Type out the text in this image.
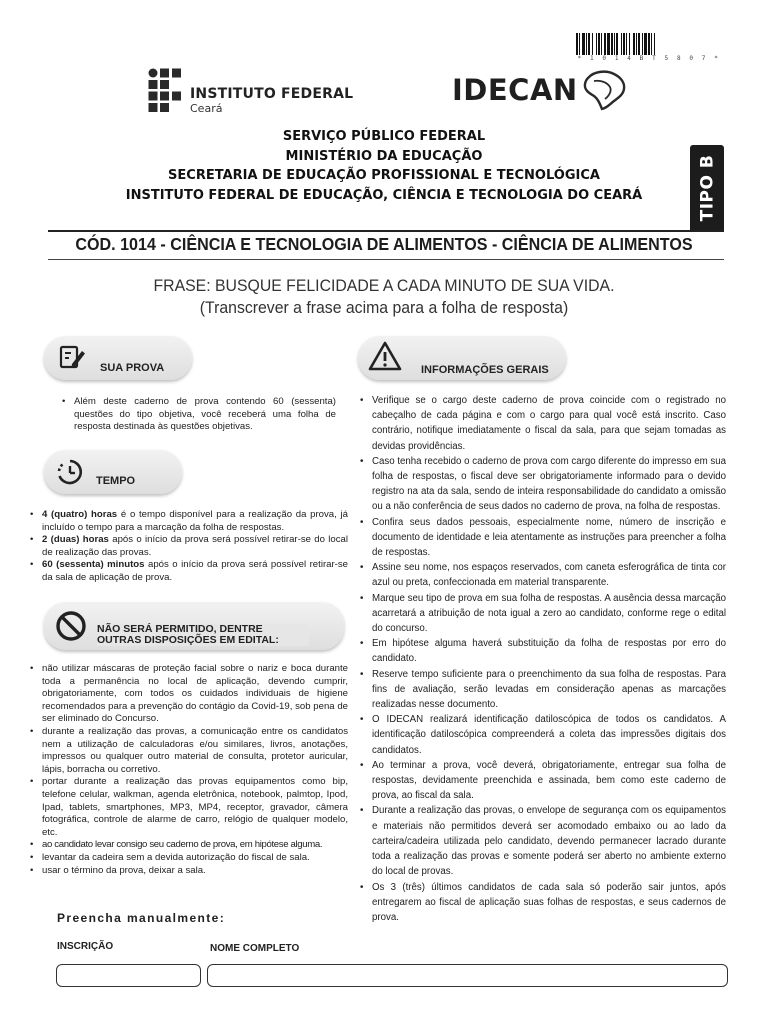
* 1 0 1 4 B T 5 8 0 7 *
INSTITUTO FEDERAL
Ceará
IDECAN
SERVIÇO PÚBLICO FEDERAL
MINISTÉRIO DA EDUCAÇÃO
SECRETARIA DE EDUCAÇÃO PROFISSIONAL E TECNOLÓGICA
INSTITUTO FEDERAL DE EDUCAÇÃO, CIÊNCIA E TECNOLOGIA DO CEARÁ	TIPO B
CÓD. 1014 - CIÊNCIA E TECNOLOGIA DE ALIMENTOS - CIÊNCIA DE ALIMENTOS
FRASE: BUSQUE FELICIDADE A CADA MINUTO DE SUA VIDA.
(Transcrever a frase acima para a folha de resposta)
SUA PROVA
• Além deste caderno de prova contendo 60 (sessenta) questões do tipo objetiva, você receberá uma folha de resposta destinada às questões objetivas.
TEMPO
• 4 (quatro) horas é o tempo disponível para a realização da prova, já incluído o tempo para a marcação da folha de respostas.
• 2 (duas) horas após o início da prova será possível retirar-se do local de realização das provas.
• 60 (sessenta) minutos após o início da prova será possível retirar-se da sala de aplicação de prova.
NÃO SERÁ PERMITIDO, DENTRE
OUTRAS DISPOSIÇÕES EM EDITAL:
• não utilizar máscaras de proteção facial sobre o nariz e boca durante toda a permanência no local de aplicação, devendo cumprir, obrigatoriamente, com todos os cuidados individuais de higiene recomendados para a prevenção do contágio da Covid-19, sob pena de ser eliminado do Concurso.
• durante a realização das provas, a comunicação entre os candidatos nem a utilização de calculadoras e/ou similares, livros, anotações, impressos ou qualquer outro material de consulta, protetor auricular, lápis, borracha ou corretivo.
• portar durante a realização das provas equipamentos como bip, telefone celular, walkman, agenda eletrônica, notebook, palmtop, Ipod, Ipad, tablets, smartphones, MP3, MP4, receptor, gravador, câmera fotográfica, controle de alarme de carro, relógio de qualquer modelo, etc.
• ao candidato levar consigo seu caderno de prova, em hipótese alguma.
• levantar da cadeira sem a devida autorização do fiscal de sala.
• usar o término da prova, deixar a sala.
INFORMAÇÕES GERAIS
• Verifique se o cargo deste caderno de prova coincide com o registrado no cabeçalho de cada página e com o cargo para qual você está inscrito. Caso contrário, notifique imediatamente o fiscal da sala, para que sejam tomadas as devidas providências.
• Caso tenha recebido o caderno de prova com cargo diferente do impresso em sua folha de respostas, o fiscal deve ser obrigatoriamente informado para o devido registro na ata da sala, sendo de inteira responsabilidade do candidato a omissão ou a não conferência de seus dados no caderno de prova, na folha de respostas.
• Confira seus dados pessoais, especialmente nome, número de inscrição e documento de identidade e leia atentamente as instruções para preencher a folha de respostas.
• Assine seu nome, nos espaços reservados, com caneta esferográfica de tinta cor azul ou preta, confeccionada em material transparente.
• Marque seu tipo de prova em sua folha de respostas. A ausência dessa marcação acarretará a atribuição de nota igual a zero ao candidato, conforme rege o edital do concurso.
• Em hipótese alguma haverá substituição da folha de respostas por erro do candidato.
• Reserve tempo suficiente para o preenchimento da sua folha de respostas. Para fins de avaliação, serão levadas em consideração apenas as marcações realizadas nesse documento.
• O IDECAN realizará identificação datiloscópica de todos os candidatos. A identificação datiloscópica compreenderá a coleta das impressões digitais dos candidatos.
• Ao terminar a prova, você deverá, obrigatoriamente, entregar sua folha de respostas, devidamente preenchida e assinada, bem como este caderno de prova, ao fiscal da sala.
• Durante a realização das provas, o envelope de segurança com os equipamentos e materiais não permitidos deverá ser acomodado embaixo ou ao lado da carteira/cadeira utilizada pelo candidato, devendo permanecer lacrado durante toda a realização das provas e somente poderá ser aberto no ambiente externo do local de provas.
• Os 3 (três) últimos candidatos de cada sala só poderão sair juntos, após entregarem ao fiscal de aplicação suas folhas de respostas, e seus cadernos de prova.
Preencha manualmente:
INSCRIÇÃO	NOME COMPLETO
